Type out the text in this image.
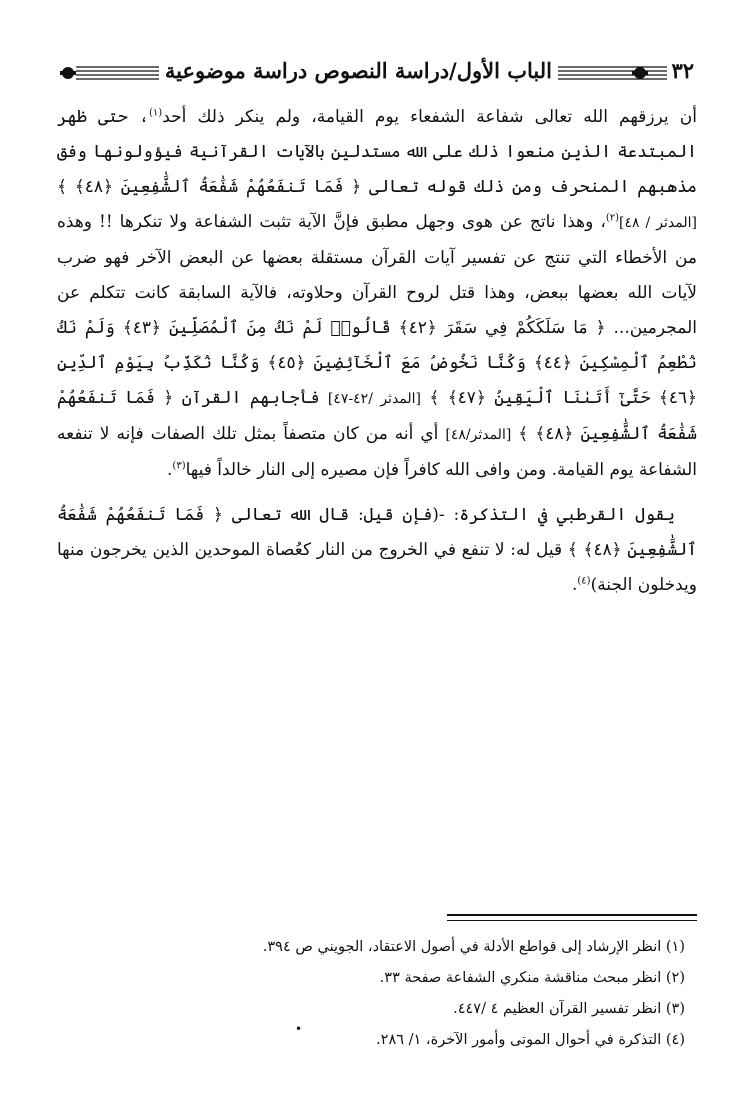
الباب الأول/دراسة النصوص دراسة موضوعية	٣٢

أن يرزقهم الله تعالى شفاعة الشفعاء يوم القيامة، ولم ينكر ذلك أحد$^{(١)}$، حتى ظهر المبتدعة الذين منعوا ذلك على الله مستدلين بالآيات القرآنية فيؤولونها وفق مذهبهم المنحرف ومن ذلك قوله تعالى ﴿ فَمَا تَنفَعُهُمْ شَفَٰعَةُ ٱلشَّٰفِعِينَ ﴿٤٨﴾ ﴾ [المدثر / ٤٨]$^{(٢)}$، وهذا ناتج عن هوى وجهل مطبق فإنَّ الآية تثبت الشفاعة ولا تنكرها !! وهذه من الأخطاء التي تنتج عن تفسير آيات القرآن مستقلة بعضها عن البعض الآخر فهو ضرب لآيات الله بعضها ببعض، وهذا قتل لروح القرآن وحلاوته، فالآية السابقة كانت تتكلم عن المجرمين... ﴿ مَا سَلَكَكُمْ فِي سَقَرَ ﴿٤٢﴾ قَالُوا۟ لَمْ نَكُ مِنَ ٱلْمُصَلِّينَ ﴿٤٣﴾ وَلَمْ نَكُ نُطْعِمُ ٱلْمِسْكِينَ ﴿٤٤﴾ وَكُنَّا نَخُوضُ مَعَ ٱلْخَآئِضِينَ ﴿٤٥﴾ وَكُنَّا نُكَذِّبُ بِيَوْمِ ٱلدِّينِ ﴿٤٦﴾ حَتَّىٰٓ أَتَىٰنَا ٱلْيَقِينُ ﴿٤٧﴾ ﴾ [المدثر /٤٢-٤٧] فأجابهم القرآن ﴿ فَمَا تَنفَعُهُمْ شَفَٰعَةُ ٱلشَّٰفِعِينَ ﴿٤٨﴾ ﴾ [المدثر/٤٨] أي أنه من كان متصفاً بمثل تلك الصفات فإنه لا تنفعه الشفاعة يوم القيامة. ومن وافى الله كافراً فإن مصيره إلى النار خالداً فيها$^{(٣)}$.

يقول القرطبي في التذكرة: -(فإن قيل: قال الله تعالى ﴿ فَمَا تَنفَعُهُمْ شَفَٰعَةُ ٱلشَّٰفِعِينَ ﴿٤٨﴾ ﴾ قيل له: لا تنفع في الخروج من النار كعُصاة الموحدين الذين يخرجون منها ويدخلون الجنة)$^{(٤)}$.

(١) انظر الإرشاد إلى قواطع الأدلة في أصول الاعتقاد، الجويني ص ٣٩٤.

(٢) انظر مبحث مناقشة منكري الشفاعة صفحة ٣٣.

(٣) انظر تفسير القرآن العظيم ٤ /٤٤٧.

(٤) التذكرة في أحوال الموتى وأمور الآخرة، ١/ ٢٨٦.

•
